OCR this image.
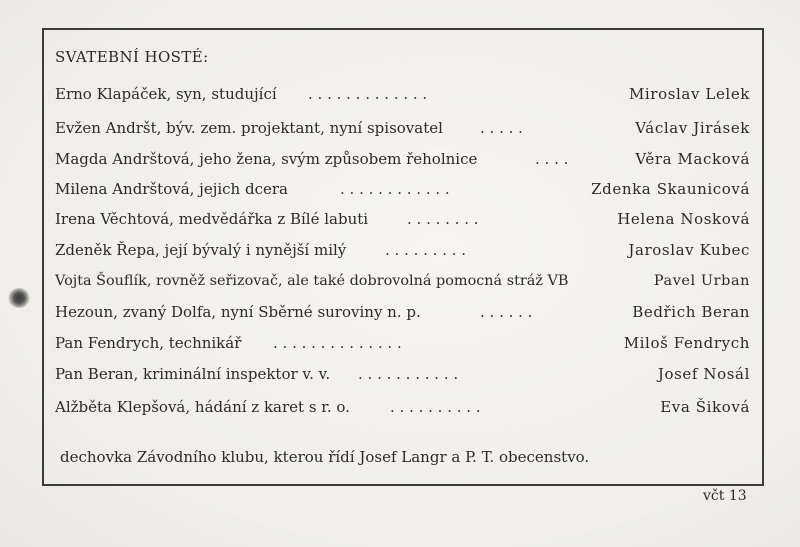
SVATEBNÍ HOSTÉ:
Erno Klapáček, syn, studující . . . . . . . . . . . . .	Miroslav Lelek
Evžen Andršt, býv. zem. projektant, nyní spisovatel . . . . .	Václav Jirásek
Magda Andrštová, jeho žena, svým způsobem řeholnice	. . . .	Věra Macková
Milena Andrštová, jejich dcera	. . . . . . . . . . . .	Zdenka Skaunicová
Irena Věchtová, medvědářka z Bílé labuti	. . . . . . . .	Helena Nosková
Zdeněk Řepa, její bývalý i nynější milý	. . . . . . . . .	Jaroslav Kubec
Vojta Šouflík, rovněž seřizovač, ale také dobrovolná pomocná stráž VB	Pavel Urban
Hezoun, zvaný Dolfa, nyní Sběrné suroviny n. p.	. . . . . .	Bedřich Beran
Pan Fendrych, technikář . . . . . . . . . . . . . .	Miloš Fendrych
Pan Beran, kriminální inspektor v. v. . . . . . . . . . . .	Josef Nosál
Alžběta Klepšová, hádání z karet s r. o.	. . . . . . . . . .	Eva Šiková
dechovka Závodního klubu, kterou řídí Josef Langr a P. T. obecenstvo.
včt 13
